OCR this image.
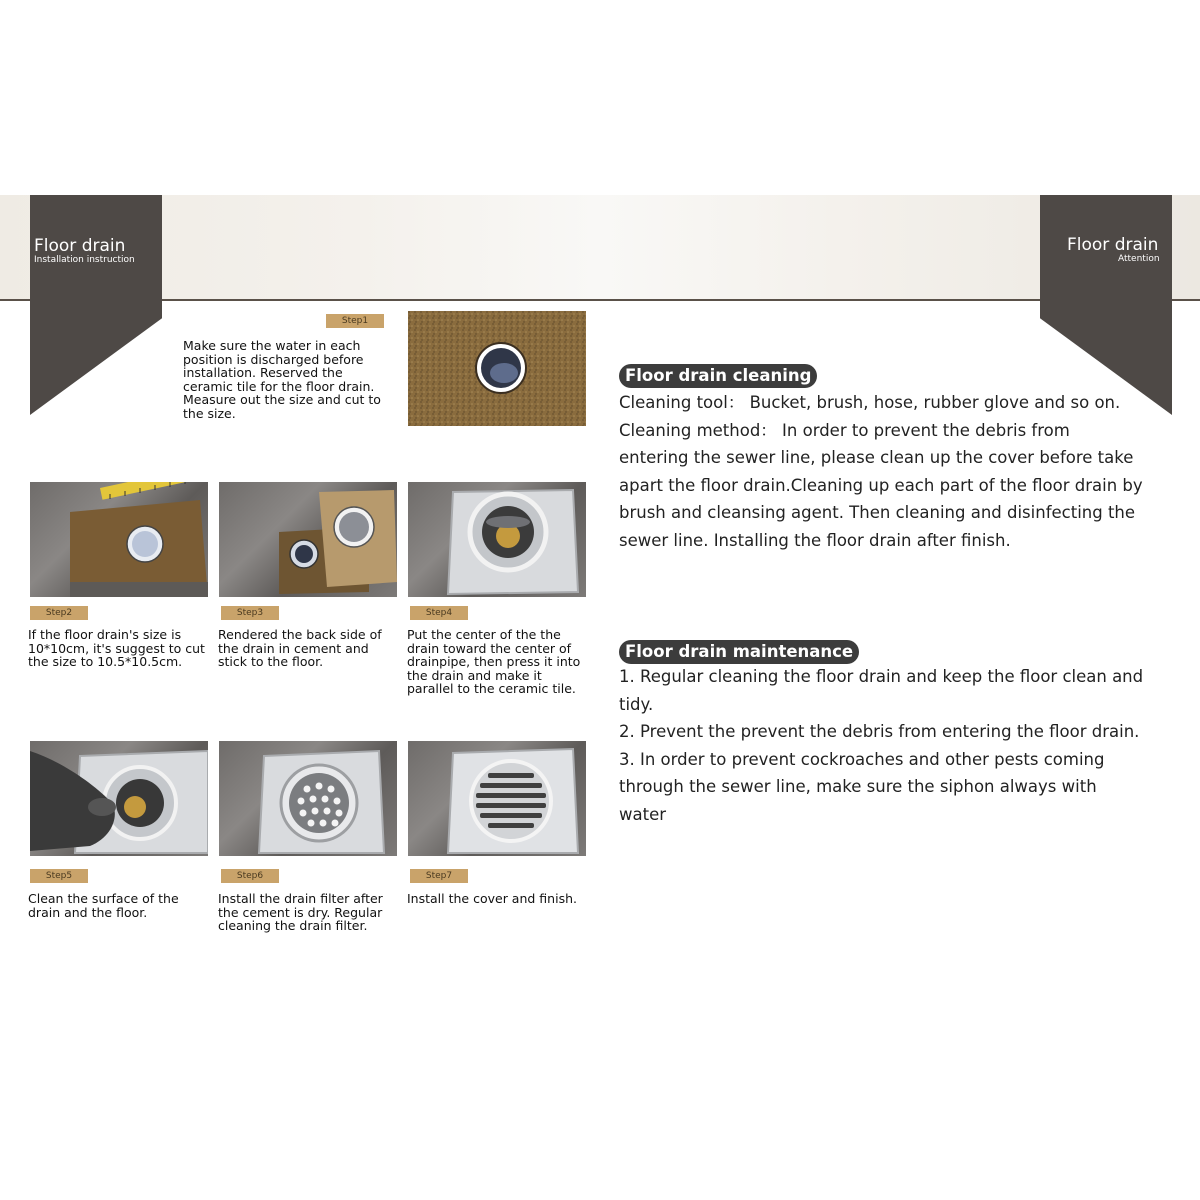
Floor drain
Installation instruction
Floor drain
Attention
Step1
Make sure the water in each position is discharged before installation. Reserved the ceramic tile for the floor drain. Measure out the size and cut to the size.
Step2
If the floor drain's size is 10*10cm, it's suggest to cut the size to 10.5*10.5cm.
Step3
Rendered the back side of the drain in cement and stick to the floor.
Step4
Put the center of the the drain toward the center of drainpipe, then press it into the drain and make it parallel to the ceramic tile.
Step5
Clean the surface of the drain and the floor.
Step6
Install the drain filter after the cement is dry. Regular cleaning the drain filter.
Step7
Install the cover and finish.
Floor drain cleaning

Cleaning tool： Bucket, brush, hose, rubber glove and so on.

Cleaning method： In order to prevent the debris from entering the sewer line, please clean up the cover before take apart the floor drain.Cleaning up each part of the floor drain by brush and cleansing agent. Then cleaning and disinfecting the sewer line. Installing the floor drain after finish.

Floor drain maintenance

1. Regular cleaning the floor drain and keep the floor clean and tidy.

2. Prevent the prevent the debris from entering the floor drain.

3. In order to prevent cockroaches and other pests coming through the sewer line, make sure the siphon always with water
